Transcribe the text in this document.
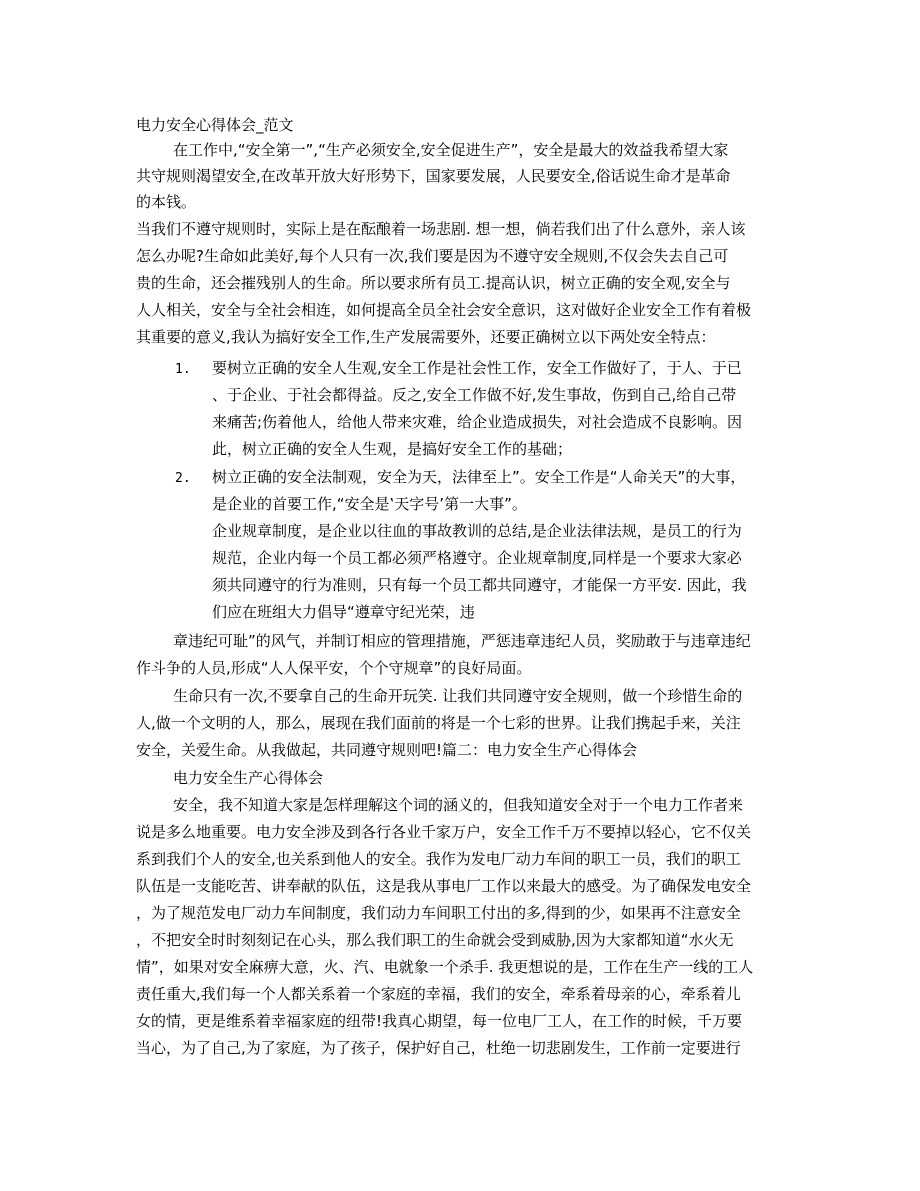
电力安全心得体会_范文
在工作中,“安全第一”,“生产必须安全,安全促进生产”，安全是最大的效益我希望大家
共守规则渴望安全,在改革开放大好形势下，国家要发展，人民要安全,俗话说生命才是革命
的本钱。
当我们不遵守规则时，实际上是在酝酿着一场悲剧. 想一想，倘若我们出了什么意外，亲人该
怎么办呢?生命如此美好,每个人只有一次,我们要是因为不遵守安全规则,不仅会失去自己可
贵的生命，还会摧残别人的生命。所以要求所有员工.提高认识，树立正确的安全观,安全与
人人相关，安全与全社会相连，如何提高全员全社会安全意识，这对做好企业安全工作有着极
其重要的意义,我认为搞好安全工作,生产发展需要外，还要正确树立以下两处安全特点：
1. 要树立正确的安全人生观,安全工作是社会性工作，安全工作做好了，于人、于已
、于企业、于社会都得益。反之,安全工作做不好,发生事故，伤到自己,给自己带
来痛苦;伤着他人，给他人带来灾难，给企业造成损失，对社会造成不良影响。因
此，树立正确的安全人生观，是搞好安全工作的基础；
2. 树立正确的安全法制观，安全为天，法律至上”。安全工作是“人命关天”的大事，
是企业的首要工作,“安全是‛天字号’第一大事”。
企业规章制度，是企业以往血的事故教训的总结,是企业法律法规，是员工的行为
规范，企业内每一个员工都必须严格遵守。企业规章制度,同样是一个要求大家必
须共同遵守的行为准则，只有每一个员工都共同遵守，才能保一方平安. 因此，我
们应在班组大力倡导“遵章守纪光荣，违
章违纪可耻”的风气，并制订相应的管理措施，严惩违章违纪人员，奖励敢于与违章违纪
作斗争的人员,形成“人人保平安，个个守规章”的良好局面。
生命只有一次,不要拿自己的生命开玩笑. 让我们共同遵守安全规则，做一个珍惜生命的
人,做一个文明的人，那么，展现在我们面前的将是一个七彩的世界。让我们携起手来，关注
安全，关爱生命。从我做起，共同遵守规则吧!篇二：电力安全生产心得体会
电力安全生产心得体会
安全，我不知道大家是怎样理解这个词的涵义的，但我知道安全对于一个电力工作者来
说是多么地重要。电力安全涉及到各行各业千家万户，安全工作千万不要掉以轻心，它不仅关
系到我们个人的安全,也关系到他人的安全。我作为发电厂动力车间的职工一员，我们的职工
队伍是一支能吃苦、讲奉献的队伍，这是我从事电厂工作以来最大的感受。为了确保发电安全
，为了规范发电厂动力车间制度，我们动力车间职工付出的多,得到的少，如果再不注意安全
，不把安全时时刻刻记在心头，那么我们职工的生命就会受到威胁,因为大家都知道“水火无
情”，如果对安全麻痹大意，火、汽、电就象一个杀手. 我更想说的是，工作在生产一线的工人
责任重大,我们每一个人都关系着一个家庭的幸福，我们的安全，牵系着母亲的心，牵系着儿
女的情，更是维系着幸福家庭的纽带!我真心期望，每一位电厂工人，在工作的时候，千万要
当心，为了自己,为了家庭，为了孩子，保护好自己，杜绝一切悲剧发生，工作前一定要进行
